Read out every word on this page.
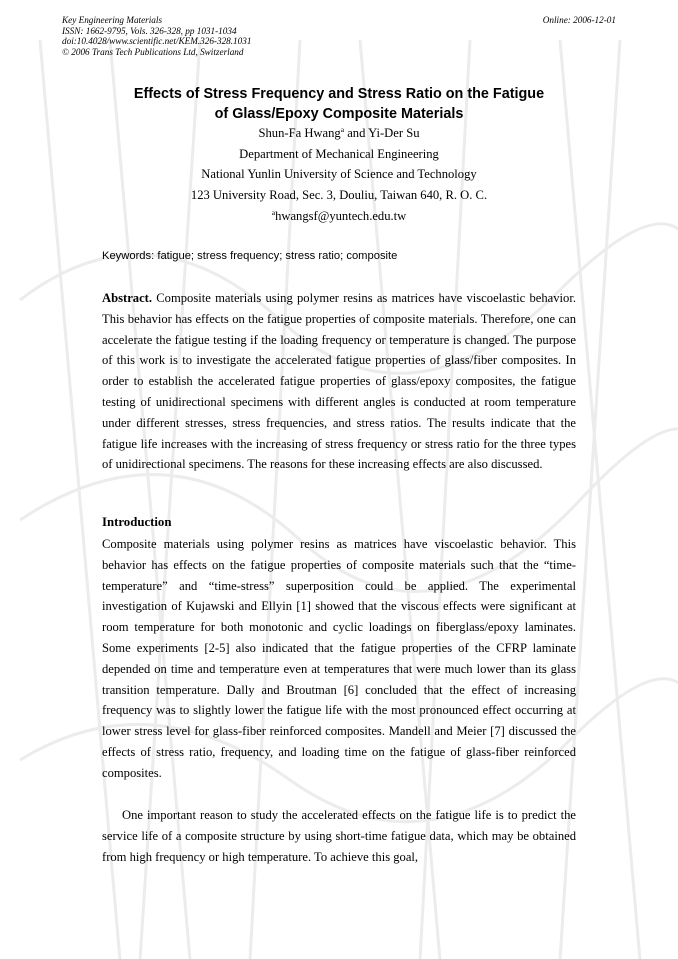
Key Engineering Materials
ISSN: 1662-9795, Vols. 326-328, pp 1031-1034
doi:10.4028/www.scientific.net/KEM.326-328.1031
© 2006 Trans Tech Publications Ltd, Switzerland
Online: 2006-12-01
Effects of Stress Frequency and Stress Ratio on the Fatigue
of Glass/Epoxy Composite Materials
Shun-Fa Hwang$^a$ and Yi-Der Su
Department of Mechanical Engineering
National Yunlin University of Science and Technology
123 University Road, Sec. 3, Douliu, Taiwan 640, R. O. C.
$^a$hwangsf@yuntech.edu.tw
Keywords: fatigue; stress frequency; stress ratio; composite
Abstract. Composite materials using polymer resins as matrices have viscoelastic behavior. This behavior has effects on the fatigue properties of composite materials. Therefore, one can accelerate the fatigue testing if the loading frequency or temperature is changed. The purpose of this work is to investigate the accelerated fatigue properties of glass/fiber composites. In order to establish the accelerated fatigue properties of glass/epoxy composites, the fatigue testing of unidirectional specimens with different angles is conducted at room temperature under different stresses, stress frequencies, and stress ratios. The results indicate that the fatigue life increases with the increasing of stress frequency or stress ratio for the three types of unidirectional specimens. The reasons for these increasing effects are also discussed.
Introduction
Composite materials using polymer resins as matrices have viscoelastic behavior. This behavior has effects on the fatigue properties of composite materials such that the “time-temperature” and “time-stress” superposition could be applied. The experimental investigation of Kujawski and Ellyin [1] showed that the viscous effects were significant at room temperature for both monotonic and cyclic loadings on fiberglass/epoxy laminates. Some experiments [2-5] also indicated that the fatigue properties of the CFRP laminate depended on time and temperature even at temperatures that were much lower than its glass transition temperature. Dally and Broutman [6] concluded that the effect of increasing frequency was to slightly lower the fatigue life with the most pronounced effect occurring at lower stress level for glass-fiber reinforced composites. Mandell and Meier [7] discussed the effects of stress ratio, frequency, and loading time on the fatigue of glass-fiber reinforced composites.
One important reason to study the accelerated effects on the fatigue life is to predict the service life of a composite structure by using short-time fatigue data, which may be obtained from high frequency or high temperature. To achieve this goal,
